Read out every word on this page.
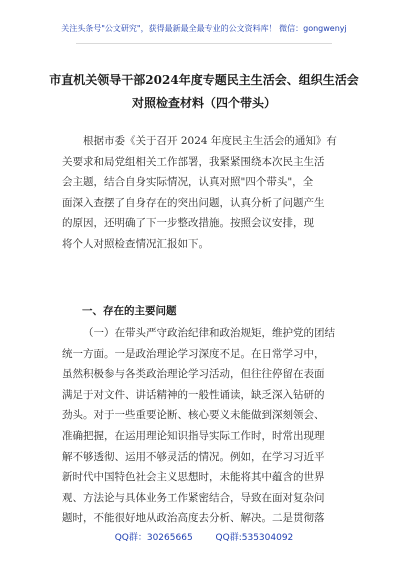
关注头条号"公文研究"，获得最新最全最专业的公文资料库！ 微信：gongwenyj
市直机关领导干部2024年度专题民主生活会、组织生活会
对照检查材料（四个带头）
根据市委《关于召开 2024 年度民主生活会的通知》有
关要求和局党组相关工作部署，我紧紧围绕本次民主生活
会主题，结合自身实际情况，认真对照"四个带头"，全
面深入查摆了自身存在的突出问题，认真分析了问题产生
的原因，还明确了下一步整改措施。按照会议安排，现
将个人对照检查情况汇报如下。
一、存在的主要问题
（一）在带头严守政治纪律和政治规矩，维护党的团结
统一方面。一是政治理论学习深度不足。在日常学习中，
虽然积极参与各类政治理论学习活动，但往往停留在表面
满足于对文件、讲话精神的一般性诵读，缺乏深入钻研的
劲头。对于一些重要论断、核心要义未能做到深刻领会、
准确把握，在运用理论知识指导实际工作时，时常出现理
解不够透彻、运用不够灵活的情况。例如，在学习习近平
新时代中国特色社会主义思想时，未能将其中蕴含的世界
观、方法论与具体业务工作紧密结合，导致在面对复杂问
题时，不能很好地从政治高度去分析、解决。二是贯彻落
QQ群：30265665	QQ群:535304092
